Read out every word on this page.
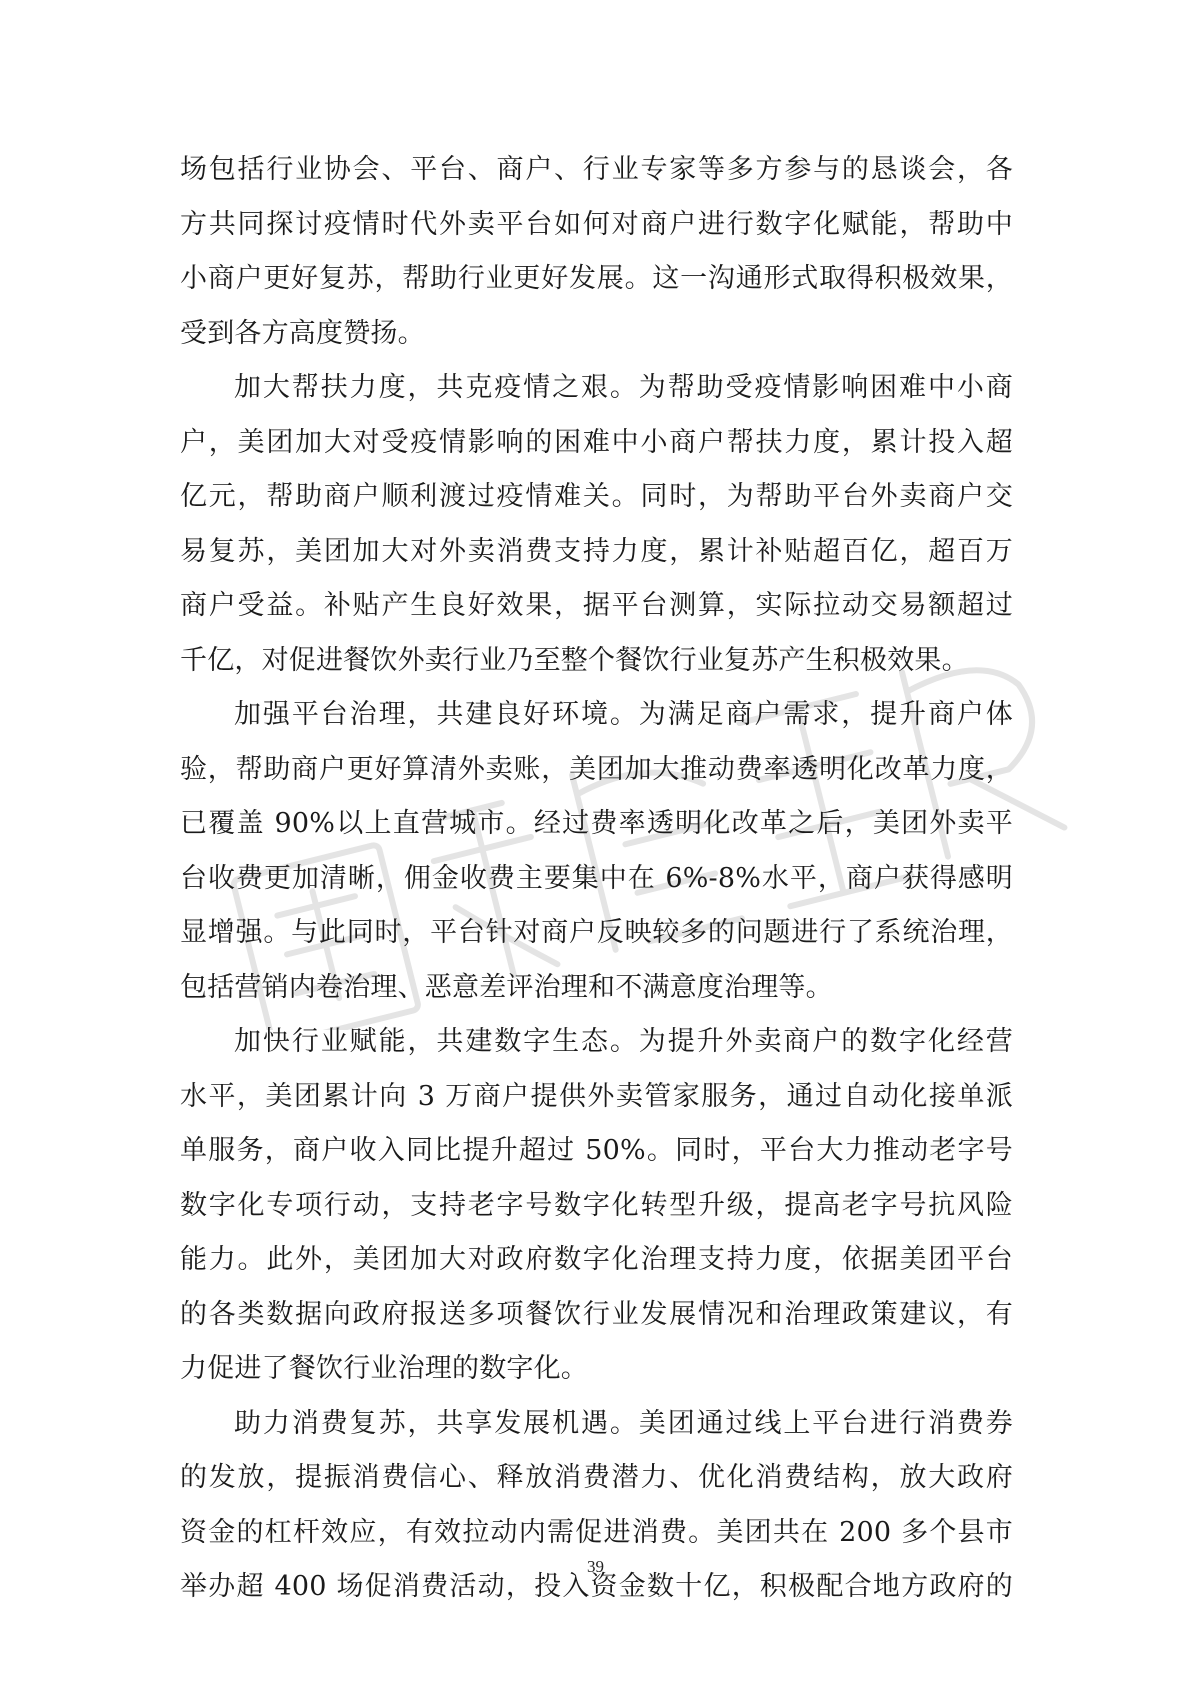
场包括行业协会、平台、商户、行业专家等多方参与的恳谈会，各
方共同探讨疫情时代外卖平台如何对商户进行数字化赋能，帮助中
小商户更好复苏，帮助行业更好发展。这一沟通形式取得积极效果，
受到各方高度赞扬。
加大帮扶力度，共克疫情之艰。为帮助受疫情影响困难中小商
户，美团加大对受疫情影响的困难中小商户帮扶力度，累计投入超
亿元，帮助商户顺利渡过疫情难关。同时，为帮助平台外卖商户交
易复苏，美团加大对外卖消费支持力度，累计补贴超百亿，超百万
商户受益。补贴产生良好效果，据平台测算，实际拉动交易额超过
千亿，对促进餐饮外卖行业乃至整个餐饮行业复苏产生积极效果。
加强平台治理，共建良好环境。为满足商户需求，提升商户体
验，帮助商户更好算清外卖账，美团加大推动费率透明化改革力度，
已覆盖 90%以上直营城市。经过费率透明化改革之后，美团外卖平
台收费更加清晰，佣金收费主要集中在 6%-8%水平，商户获得感明
显增强。与此同时，平台针对商户反映较多的问题进行了系统治理，
包括营销内卷治理、恶意差评治理和不满意度治理等。
加快行业赋能，共建数字生态。为提升外卖商户的数字化经营
水平，美团累计向 3 万商户提供外卖管家服务，通过自动化接单派
单服务，商户收入同比提升超过 50%。同时，平台大力推动老字号
数字化专项行动，支持老字号数字化转型升级，提高老字号抗风险
能力。此外，美团加大对政府数字化治理支持力度，依据美团平台
的各类数据向政府报送多项餐饮行业发展情况和治理政策建议，有
力促进了餐饮行业治理的数字化。
助力消费复苏，共享发展机遇。美团通过线上平台进行消费券
的发放，提振消费信心、释放消费潜力、优化消费结构，放大政府
资金的杠杆效应，有效拉动内需促进消费。美团共在 200 多个县市
举办超 400 场促消费活动，投入资金数十亿，积极配合地方政府的
39
